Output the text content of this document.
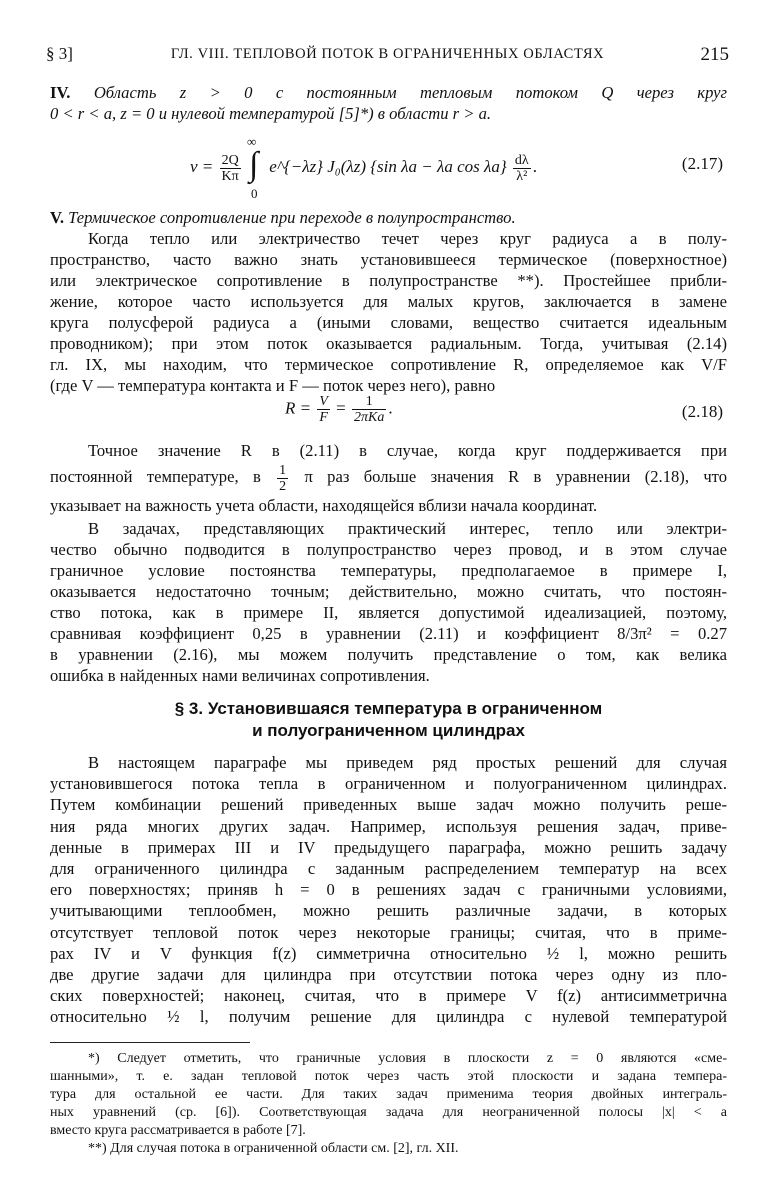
§ 3]	ГЛ. VIII. ТЕПЛОВОЙ ПОТОК В ОГРАНИЧЕННЫХ ОБЛАСТЯХ	215
IV. Область z > 0 с постоянным тепловым потоком Q через круг
0 < r < a, z = 0 и нулевой температурой [5]*) в области r > a.
$v = \frac{2Q}{K\pi}$

∞
∫
0
e^{−λz} J₀(λz) {sin λa − λa $\cos \lambda a\} \frac{d\lambda}{\text{λ²}}$ .	(2.17)
V. Термическое сопротивление при переходе в полупространство.
Когда тепло или электричество течет через круг радиуса a в полу-
пространство, часто важно знать установившееся термическое (поверхностное)
или электрическое сопротивление в полупространстве **). Простейшее прибли-
жение, которое часто используется для малых кругов, заключается в замене
круга полусферой радиуса a (иными словами, вещество считается идеальным
проводником); при этом поток оказывается радиальным. Тогда, учитывая (2.14)
гл. IX, мы находим, что термическое сопротивление R, определяемое как V/F
(где V — температура контакта и F — поток через него), равно
$R = \frac{V}{F} = \frac{1}{\text{2πKa}}$ .	(2.18)
Точное значение R в (2.11) в случае, когда круг поддерживается при
постоянной температуре, в $\frac{1}{2}$ π раз больше значения R в уравнении (2.18), что
указывает на важность учета области, находящейся вблизи начала координат.
В задачах, представляющих практический интерес, тепло или электри-
чество обычно подводится в полупространство через провод, и в этом случае
граничное условие постоянства температуры, предполагаемое в примере I,
оказывается недостаточно точным; действительно, можно считать, что постоян-
ство потока, как в примере II, является допустимой идеализацией, поэтому,
сравнивая коэффициент 0,25 в уравнении (2.11) и коэффициент 8/3π² = 0.27
в уравнении (2.16), мы можем получить представление о том, как велика
ошибка в найденных нами величинах сопротивления.
§ 3. Установившаяся температура в ограниченном
и полуограниченном цилиндрах
В настоящем параграфе мы приведем ряд простых решений для случая
установившегося потока тепла в ограниченном и полуограниченном цилиндрах.
Путем комбинации решений приведенных выше задач можно получить реше-
ния ряда многих других задач. Например, используя решения задач, приве-
денные в примерах III и IV предыдущего параграфа, можно решить задачу
для ограниченного цилиндра с заданным распределением температур на всех
его поверхностях; приняв h = 0 в решениях задач с граничными условиями,
учитывающими теплообмен, можно решить различные задачи, в которых
отсутствует тепловой поток через некоторые границы; считая, что в приме-
рах IV и V функция f(z) симметрична относительно ½ l, можно решить
две другие задачи для цилиндра при отсутствии потока через одну из пло-
ских поверхностей; наконец, считая, что в примере V f(z) антисимметрична
относительно ½ l, получим решение для цилиндра с нулевой температурой
*) Следует отметить, что граничные условия в плоскости z = 0 являются «сме-
шанными», т. е. задан тепловой поток через часть этой плоскости и задана темпера-
тура для остальной ее части. Для таких задач применима теория двойных интеграль-
ных уравнений (ср. [6]). Соответствующая задача для неограниченной полосы |x| < a
вместо круга рассматривается в работе [7].
**) Для случая потока в ограниченной области см. [2], гл. XII.
